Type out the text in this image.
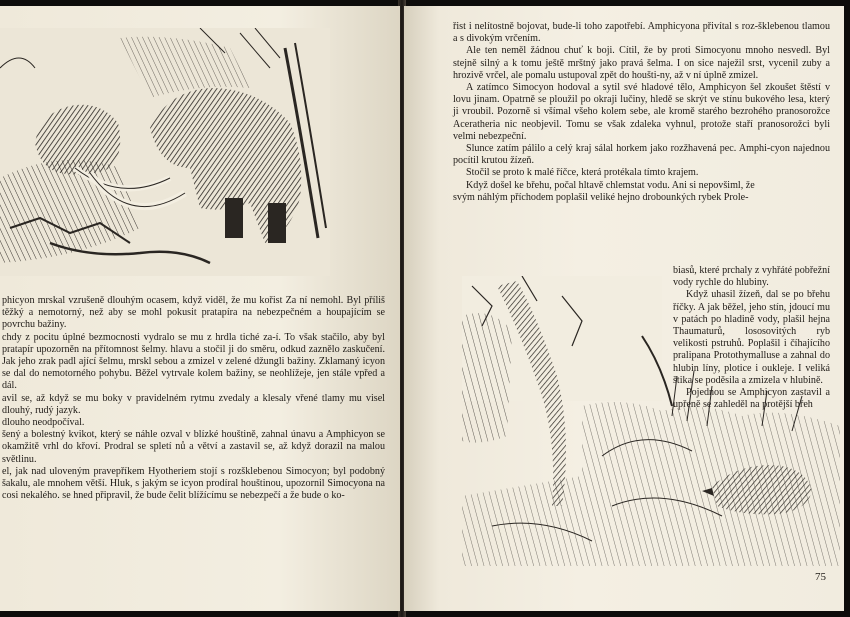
phicyon mrskal vzrušeně dlouhým ocasem, když viděl, že mu kořist Za ní nemohl. Byl příliš těžký a nemotorný, než aby se mohl pokusit pratapíra na nebezpečném a houpajícím se povrchu bažiny.

chdy z pocitu úplné bezmocnosti vydralo se mu z hrdla tiché za-í. To však stačilo, aby byl pratapír upozorněn na přítomnost šelmy. hlavu a stočil ji do směru, odkud zaznělo zaskučení. Jak jeho zrak padl ající šelmu, mrskl sebou a zmizel v zelené džungli bažiny. Zklamaný icyon se dal do nemotorného pohybu. Běžel vytrvale kolem bažiny, se neohlížeje, jen stále vpřed a dál.

avil se, až když se mu boky v pravidelném rytmu zvedaly a klesaly vřené tlamy mu visel dlouhý, rudý jazyk.

dlouho neodpočíval.

šený a bolestný kvikot, který se náhle ozval v blízké houštině, zahnal únavu a Amphicyon se okamžitě vrhl do křoví. Prodral se spletí nů a větví a zastavil se, až když dorazil na malou světlinu.

el, jak nad uloveným pravepříkem Hyotheriem stojí s rozšklebenou Simocyon; byl podobný šakalu, ale mnohem větší. Hluk, s jakým se icyon prodíral houštinou, upozornil Simocyona na cosi nekalého. se hned připravil, že bude čelit blížícímu se nebezpečí a že bude o ko-

řist i nelítostně bojovat, bude-li toho zapotřebí. Amphicyona přivítal s roz-šklebenou tlamou a s divokým vrčením.

Ale ten neměl žádnou chuť k boji. Cítil, že by proti Simocyonu mnoho nesvedl. Byl stejně silný a k tomu ještě mrštný jako pravá šelma. I on sice naježil srst, vycenil zuby a hrozivě vrčel, ale pomalu ustupoval zpět do houšti-ny, až v ní úplně zmizel.

A zatímco Simocyon hodoval a sytil své hladové tělo, Amphicyon šel zkoušet štěstí v lovu jinam. Opatrně se ploužil po okraji lučiny, hledě se skrýt ve stínu bukového lesa, který ji vroubil. Pozorně si všímal všeho kolem sebe, ale kromě starého bezrohého pranosorožce Aceratheria nic neobjevil. Tomu se však zdaleka vyhnul, protože staří pranosorožci byli velmi nebezpeční.

Slunce zatím pálilo a celý kraj sálal horkem jako rozžhavená pec. Amphi-cyon najednou pocítil krutou žízeň.

Stočil se proto k malé říčce, která protékala tímto krajem.

Když došel ke břehu, počal hltavě chlemstat vodu. Ani si nepovšiml, že

svým náhlým příchodem poplašil veliké hejno drobounkých rybek Prole-

biasů, které prchaly z vyhřáté pobřežní vody rychle do hlubiny.

Když uhasil žízeň, dal se po břehu říčky. A jak běžel, jeho stín, jdoucí mu v patách po hladině vody, plašil hejna Thaumaturů, lososovitých ryb velikosti pstruhů. Poplašil i číhajícího pralipana Protothymalluse a zahnal do hlubin líny, plotice i oukleje. I veliká štika se poděsila a zmizela v hlubině.

Pojednou se Amphicyon zastavil a upřeně se zahleděl na protější břeh

75
